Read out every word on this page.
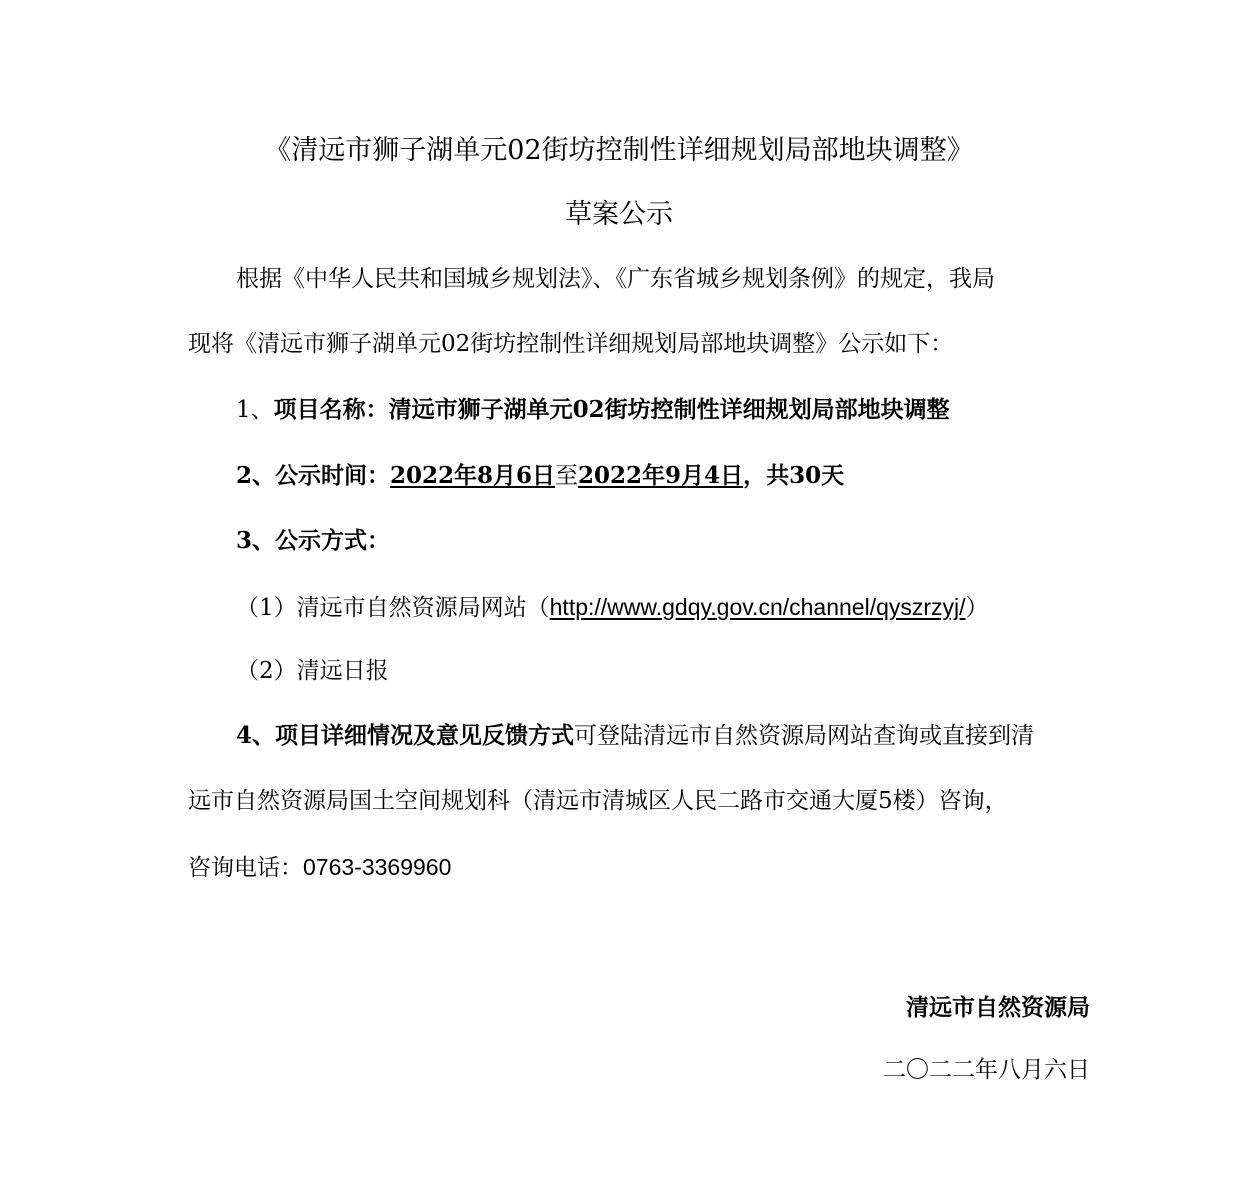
《清远市狮子湖单元02街坊控制性详细规划局部地块调整》
草案公示
根据《中华人民共和国城乡规划法》、《广东省城乡规划条例》的规定，我局
现将《清远市狮子湖单元02街坊控制性详细规划局部地块调整》公示如下：
1、项目名称：清远市狮子湖单元02街坊控制性详细规划局部地块调整
2、公示时间：2022年8月6日至2022年9月4日，共30天
3、公示方式：
（1）清远市自然资源局网站（http://www.gdqy.gov.cn/channel/qyszrzyj/）
（2）清远日报
4、项目详细情况及意见反馈方式可登陆清远市自然资源局网站查询或直接到清
远市自然资源局国土空间规划科（清远市清城区人民二路市交通大厦5楼）咨询，
咨询电话：0763-3369960
清远市自然资源局
二〇二二年八月六日
